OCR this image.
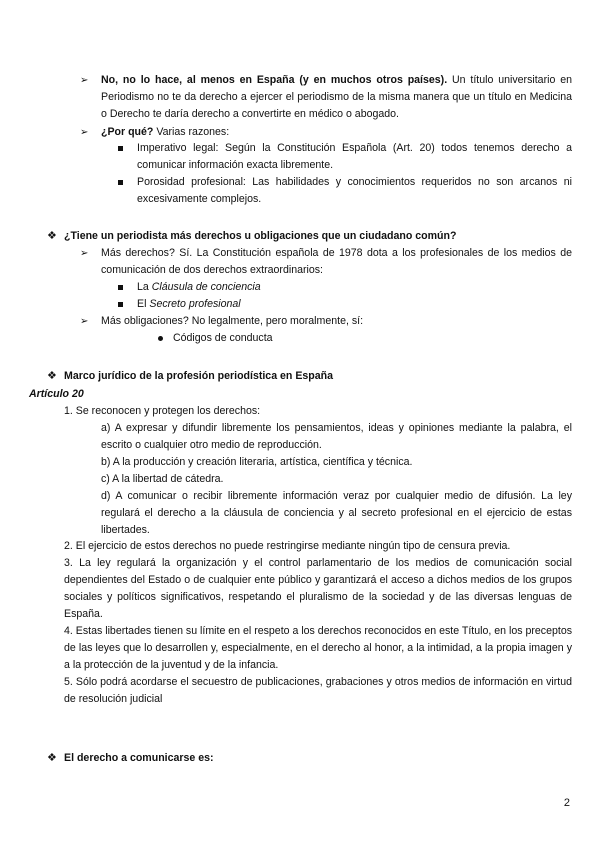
➢ No, no lo hace, al menos en España (y en muchos otros países). Un título universitario en Periodismo no te da derecho a ejercer el periodismo de la misma manera que un título en Medicina o Derecho te daría derecho a convertirte en médico o abogado.
➢ ¿Por qué? Varias razones:
Imperativo legal: Según la Constitución Española (Art. 20) todos tenemos derecho a comunicar información exacta libremente.
Porosidad profesional: Las habilidades y conocimientos requeridos no son arcanos ni excesivamente complejos.
❖ ¿Tiene un periodista más derechos u obligaciones que un ciudadano común?
➢ Más derechos? Sí. La Constitución española de 1978 dota a los profesionales de los medios de comunicación de dos derechos extraordinarios:
La Cláusula de conciencia
El Secreto profesional
➢ Más obligaciones? No legalmente, pero moralmente, sí:
Códigos de conducta
❖ Marco jurídico de la profesión periodística en España
Artículo 20
1. Se reconocen y protegen los derechos:
a) A expresar y difundir libremente los pensamientos, ideas y opiniones mediante la palabra, el escrito o cualquier otro medio de reproducción.
b) A la producción y creación literaria, artística, científica y técnica.
c) A la libertad de cátedra.
d) A comunicar o recibir libremente información veraz por cualquier medio de difusión. La ley regulará el derecho a la cláusula de conciencia y al secreto profesional en el ejercicio de estas libertades.
2. El ejercicio de estos derechos no puede restringirse mediante ningún tipo de censura previa.
3. La ley regulará la organización y el control parlamentario de los medios de comunicación social dependientes del Estado o de cualquier ente público y garantizará el acceso a dichos medios de los grupos sociales y políticos significativos, respetando el pluralismo de la sociedad y de las diversas lenguas de España.
4. Estas libertades tienen su límite en el respeto a los derechos reconocidos en este Título, en los preceptos de las leyes que lo desarrollen y, especialmente, en el derecho al honor, a la intimidad, a la propia imagen y a la protección de la juventud y de la infancia.
5. Sólo podrá acordarse el secuestro de publicaciones, grabaciones y otros medios de información en virtud de resolución judicial
❖ El derecho a comunicarse es:
2
